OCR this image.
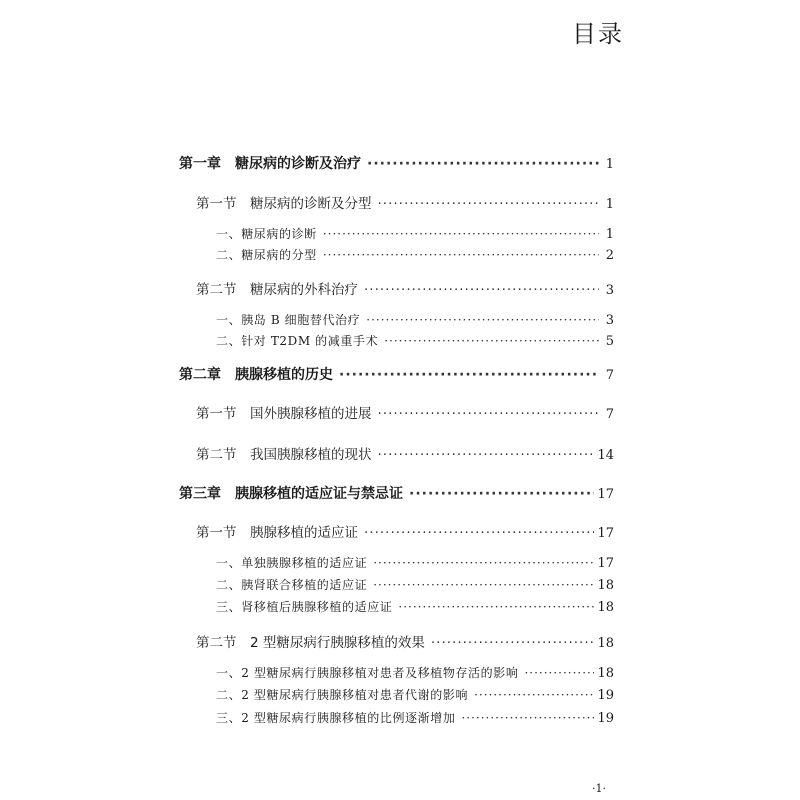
目录
第一章　糖尿病的诊断及治疗 ·····	1
第一节　糖尿病的诊断及分型 ·····	1
一、糖尿病的诊断 ·····	1
二、糖尿病的分型 ·····	2
第二节　糖尿病的外科治疗 ·····	3
一、胰岛 B 细胞替代治疗 ·····	3
二、针对 T2DM 的减重手术 ·····	5
第二章　胰腺移植的历史 ·····	7
第一节　国外胰腺移植的进展 ·····	7
第二节　我国胰腺移植的现状 ·····	14
第三章　胰腺移植的适应证与禁忌证 ·····	17
第一节　胰腺移植的适应证 ·····	17
一、单独胰腺移植的适应证 ·····	17
二、胰肾联合移植的适应证 ·····	18
三、肾移植后胰腺移植的适应证 ·····	18
第二节　2 型糖尿病行胰腺移植的效果 ·····	18
一、2 型糖尿病行胰腺移植对患者及移植物存活的影响 ·····	18
二、2 型糖尿病行胰腺移植对患者代谢的影响 ·····	19
三、2 型糖尿病行胰腺移植的比例逐渐增加 ·····	19
·1·
